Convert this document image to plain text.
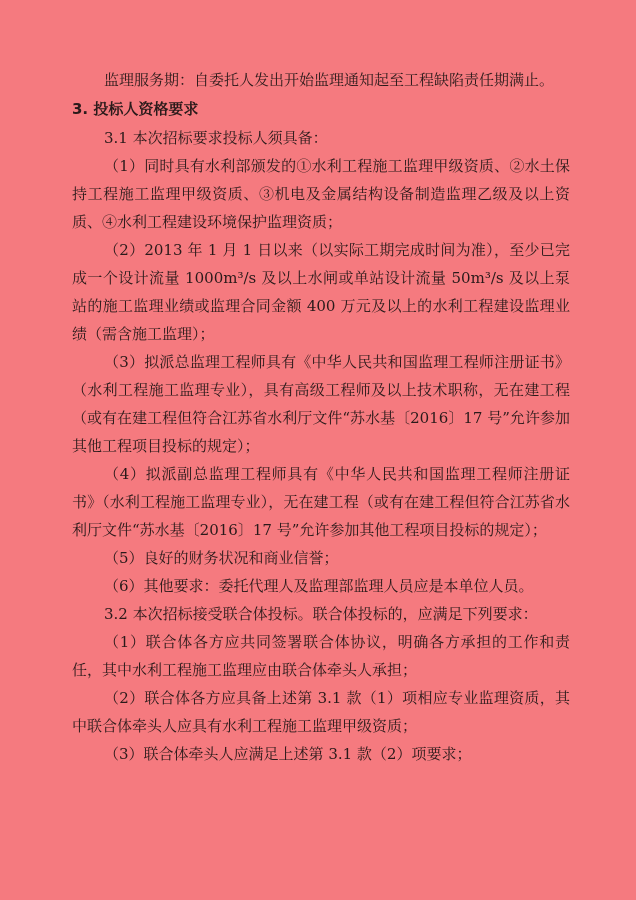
监理服务期：自委托人发出开始监理通知起至工程缺陷责任期满止。

3. 投标人资格要求

3.1 本次招标要求投标人须具备：

（1）同时具有水利部颁发的①水利工程施工监理甲级资质、②水土保持工程施工监理甲级资质、③机电及金属结构设备制造监理乙级及以上资质、④水利工程建设环境保护监理资质；

（2）2013 年 1 月 1 日以来（以实际工期完成时间为准），至少已完成一个设计流量 1000m³/s 及以上水闸或单站设计流量 50m³/s 及以上泵站的施工监理业绩或监理合同金额 400 万元及以上的水利工程建设监理业绩（需含施工监理）；

（3）拟派总监理工程师具有《中华人民共和国监理工程师注册证书》（水利工程施工监理专业），具有高级工程师及以上技术职称，无在建工程（或有在建工程但符合江苏省水利厅文件“苏水基〔2016〕17 号”允许参加其他工程项目投标的规定）；

（4）拟派副总监理工程师具有《中华人民共和国监理工程师注册证书》（水利工程施工监理专业），无在建工程（或有在建工程但符合江苏省水利厅文件“苏水基〔2016〕17 号”允许参加其他工程项目投标的规定）；

（5）良好的财务状况和商业信誉；

（6）其他要求：委托代理人及监理部监理人员应是本单位人员。

3.2 本次招标接受联合体投标。联合体投标的，应满足下列要求：

（1）联合体各方应共同签署联合体协议，明确各方承担的工作和责任，其中水利工程施工监理应由联合体牵头人承担；

（2）联合体各方应具备上述第 3.1 款（1）项相应专业监理资质，其中联合体牵头人应具有水利工程施工监理甲级资质；

（3）联合体牵头人应满足上述第 3.1 款（2）项要求；
